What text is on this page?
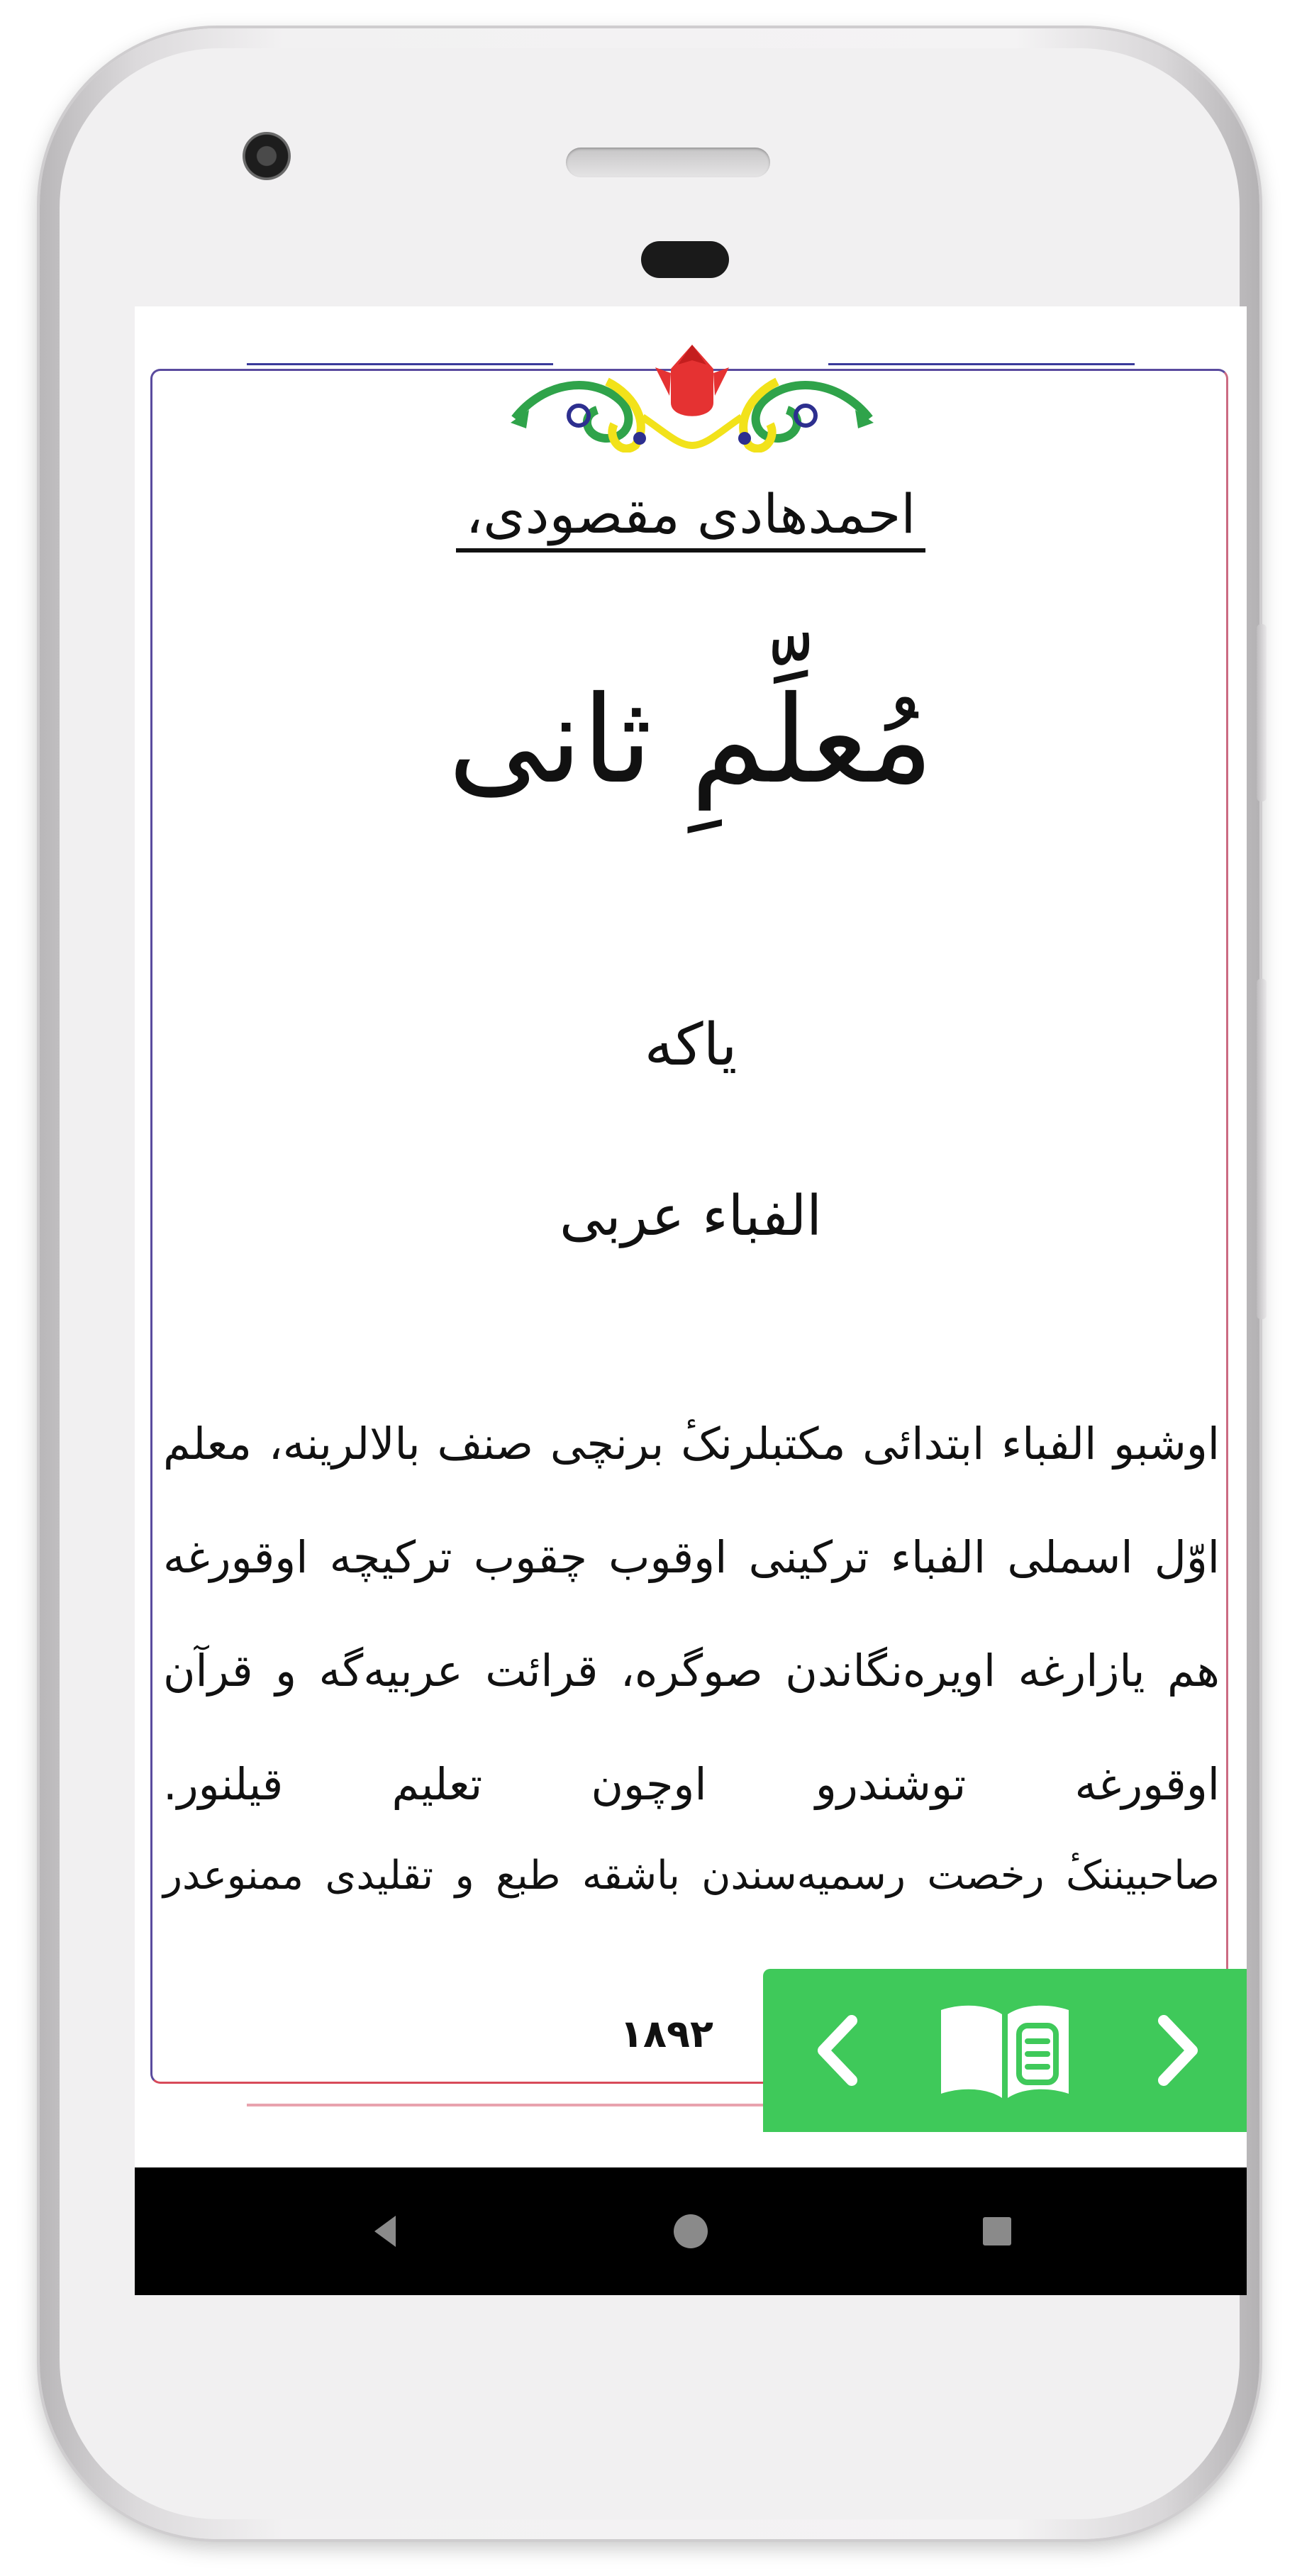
احمدهادی مقصودی،
مُعلِّمِ ثانی
یاکه
الفباء عربی
اوشبو الفباء ابتدائی مکتبلرنکٔ برنچی صنف بالالرینه، معلم اوّل اسملی الفباء ترکینی اوقوب چقوب ترکیچه اوقورغه هم یازارغه اویرەنگاندن صوگره، قرائت عربیه‌گه و قرآن اوقورغه توشندرو اوچون تعلیم قیلنور.
صاحبیننکٔ رخصت رسمیه‌سندن باشقه طبع و تقلیدی ممنوعدر
١٨٩٢
